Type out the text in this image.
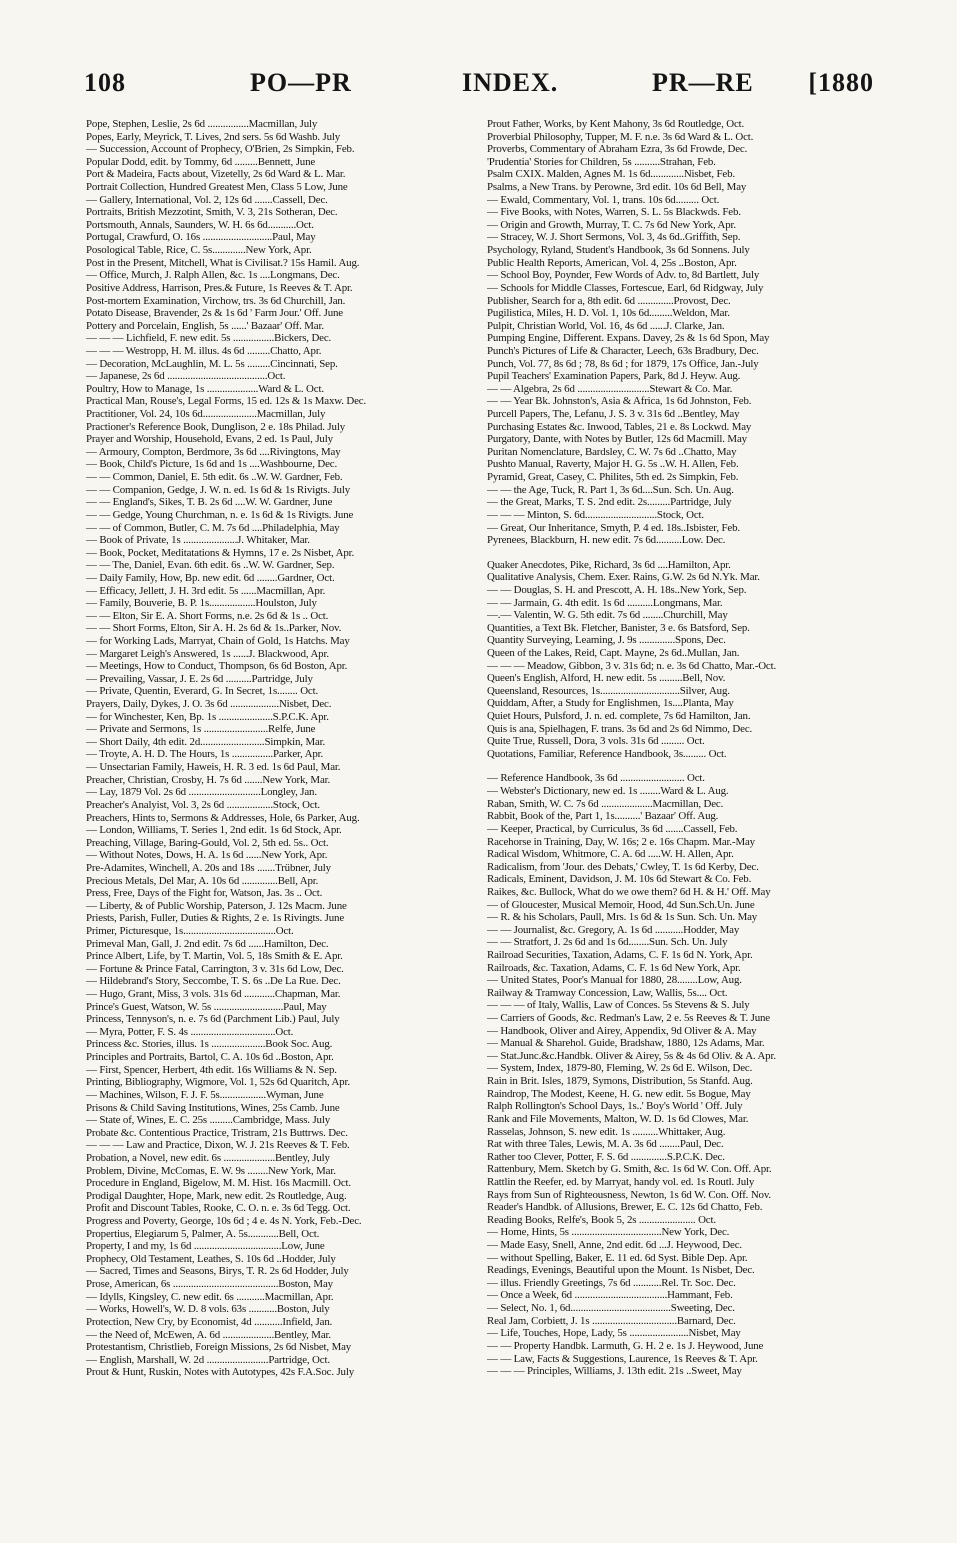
108	PO—PR	INDEX.	PR—RE [1880
Pope, Stephen, Leslie, 2s 6d ................Macmillan, July
Popes, Early, Meyrick, T. Lives, 2nd sers. 5s 6d Washb. July
— Succession, Account of Prophecy, O'Brien, 2s Simpkin, Feb.
Popular Dodd, edit. by Tommy, 6d .........Bennett, June
Port & Madeira, Facts about, Vizetelly, 2s 6d Ward & L. Mar.
Portrait Collection, Hundred Greatest Men, Class 5 Low, June
— Gallery, International, Vol. 2, 12s 6d .......Cassell, Dec.
Portraits, British Mezzotint, Smith, V. 3, 21s Sotheran, Dec.
Portsmouth, Annals, Saunders, W. H. 6s 6d...........Oct.
Portugal, Crawfurd, O. 16s ...........................Paul, May
Posological Table, Rice, C. 5s.............New York, Apr.
Post in the Present, Mitchell, What is Civilisat.? 15s Hamil. Aug.
— Office, Murch, J. Ralph Allen, &c. 1s ....Longmans, Dec.
Positive Address, Harrison, Pres.& Future, 1s Reeves & T. Apr.
Post-mortem Examination, Virchow, trs. 3s 6d Churchill, Jan.
Potato Disease, Bravender, 2s & 1s 6d ' Farm Jour.' Off. June
Pottery and Porcelain, English, 5s ......' Bazaar' Off. Mar.
— — — Lichfield, F. new edit. 5s ................Bickers, Dec.
— — — Westropp, H. M. illus. 4s 6d .........Chatto, Apr.
— Decoration, McLaughlin, M. L. 5s .........Cincinnati, Sep.
— Japanese, 2s 6d .......................................Oct.
Poultry, How to Manage, 1s ....................Ward & L. Oct.
Practical Man, Rouse's, Legal Forms, 15 ed. 12s & 1s Maxw. Dec.
Practitioner, Vol. 24, 10s 6d.....................Macmillan, July
Practioner's Reference Book, Dunglison, 2 e. 18s Philad. July
Prayer and Worship, Household, Evans, 2 ed. 1s Paul, July
— Armoury, Compton, Berdmore, 3s 6d ....Rivingtons, May
— Book, Child's Picture, 1s 6d and 1s ....Washbourne, Dec.
— — Common, Daniel, E. 5th edit. 6s ..W. W. Gardner, Feb.
— — Companion, Gedge, J. W. n. ed. 1s 6d & 1s Rivigts. July
— — England's, Sikes, T. B. 2s 6d ....W. W. Gardner, June
— — Gedge, Young Churchman, n. e. 1s 6d & 1s Rivigts. June
— — of Common, Butler, C. M. 7s 6d ....Philadelphia, May
— Book of Private, 1s .....................J. Whitaker, Mar.
— Book, Pocket, Meditatations & Hymns, 17 e. 2s Nisbet, Apr.
— — The, Daniel, Evan. 6th edit. 6s ..W. W. Gardner, Sep.
— Daily Family, How, Bp. new edit. 6d ........Gardner, Oct.
— Efficacy, Jellett, J. H. 3rd edit. 5s ......Macmillan, Apr.
— Family, Bouverie, B. P. 1s..................Houlston, July
— — Elton, Sir E. A. Short Forms, n.e. 2s 6d & 1s .. Oct.
— — Short Forms, Elton, Sir A. H. 2s 6d & 1s..Parker, Nov.
— for Working Lads, Marryat, Chain of Gold, 1s Hatchs. May
— Margaret Leigh's Answered, 1s ......J. Blackwood, Apr.
— Meetings, How to Conduct, Thompson, 6s 6d Boston, Apr.
— Prevailing, Vassar, J. E. 2s 6d ..........Partridge, July
— Private, Quentin, Everard, G. In Secret, 1s........ Oct.
Prayers, Daily, Dykes, J. O. 3s 6d ...................Nisbet, Dec.
— for Winchester, Ken, Bp. 1s .....................S.P.C.K. Apr.
— Private and Sermons, 1s .........................Relfe, June
— Short Daily, 4th edit. 2d.........................Simpkin, Mar.
— Troyte, A. H. D. The Hours, 1s ................Parker, Apr.
— Unsectarian Family, Haweis, H. R. 3 ed. 1s 6d Paul, Mar.
Preacher, Christian, Crosby, H. 7s 6d .......New York, Mar.
— Lay, 1879 Vol. 2s 6d ............................Longley, Jan.
Preacher's Analyist, Vol. 3, 2s 6d ..................Stock, Oct.
Preachers, Hints to, Sermons & Addresses, Hole, 6s Parker, Aug.
— London, Williams, T. Series 1, 2nd edit. 1s 6d Stock, Apr.
Preaching, Village, Baring-Gould, Vol. 2, 5th ed. 5s.. Oct.
— Without Notes, Dows, H. A. 1s 6d ......New York, Apr.
Pre-Adamites, Winchell, A. 20s and 18s .......Trübner, July
Precious Metals, Del Mar, A. 10s 6d ..............Bell, Apr.
Press, Free, Days of the Fight for, Watson, Jas. 3s .. Oct.
— Liberty, & of Public Worship, Paterson, J. 12s Macm. June
Priests, Parish, Fuller, Duties & Rights, 2 e. 1s Rivingts. June
Primer, Picturesque, 1s....................................Oct.
Primeval Man, Gall, J. 2nd edit. 7s 6d ......Hamilton, Dec.
Prince Albert, Life, by T. Martin, Vol. 5, 18s Smith & E. Apr.
— Fortune & Prince Fatal, Carrington, 3 v. 31s 6d Low, Dec.
— Hildebrand's Story, Seccombe, T. S. 6s ..De La Rue. Dec.
— Hugo, Grant, Miss, 3 vols. 31s 6d ............Chapman, Mar.
Prince's Guest, Watson, W. 5s ...........................Paul, May
Princess, Tennyson's, n. e. 7s 6d (Parchment Lib.) Paul, July
— Myra, Potter, F. S. 4s .................................Oct.
Princess &c. Stories, illus. 1s .....................Book Soc. Aug.
Principles and Portraits, Bartol, C. A. 10s 6d ..Boston, Apr.
— First, Spencer, Herbert, 4th edit. 16s Williams & N. Sep.
Printing, Bibliography, Wigmore, Vol. 1, 52s 6d Quaritch, Apr.
— Machines, Wilson, F. J. F. 5s..................Wyman, June
Prisons & Child Saving Institutions, Wines, 25s Camb. June
— State of, Wines, E. C. 25s .........Cambridge, Mass. July
Probate &c. Contentious Practice, Tristram, 21s Buttrws. Dec.
— — — Law and Practice, Dixon, W. J. 21s Reeves & T. Feb.
Probation, a Novel, new edit. 6s ....................Bentley, July
Problem, Divine, McComas, E. W. 9s ........New York, Mar.
Procedure in England, Bigelow, M. M. Hist. 16s Macmill. Oct.
Prodigal Daughter, Hope, Mark, new edit. 2s Routledge, Aug.
Profit and Discount Tables, Rooke, C. O. n. e. 3s 6d Tegg. Oct.
Progress and Poverty, George, 10s 6d ; 4 e. 4s N. York, Feb.-Dec.
Propertius, Elegiarum 5, Palmer, A. 5s............Bell, Oct.
Property, I and my, 1s 6d ..................................Low, June
Prophecy, Old Testament, Leathes, S. 10s 6d ..Hodder, July
— Sacred, Times and Seasons, Birys, T. R. 2s 6d Hodder, July
Prose, American, 6s .........................................Boston, May
— Idylls, Kingsley, C. new edit. 6s ...........Macmillan, Apr.
— Works, Howell's, W. D. 8 vols. 63s ...........Boston, July
Protection, New Cry, by Economist, 4d ...........Infield, Jan.
— the Need of, McEwen, A. 6d ....................Bentley, Mar.
Protestantism, Christlieb, Foreign Missions, 2s 6d Nisbet, May
— English, Marshall, W. 2d ........................Partridge, Oct.
Prout & Hunt, Ruskin, Notes with Autotypes, 42s F.A.Soc. July
Prout Father, Works, by Kent Mahony, 3s 6d Routledge, Oct.
Proverbial Philosophy, Tupper, M. F. n.e. 3s 6d Ward & L. Oct.
Proverbs, Commentary of Abraham Ezra, 3s 6d Frowde, Dec.
'Prudentia' Stories for Children, 5s ..........Strahan, Feb.
Psalm CXIX. Malden, Agnes M. 1s 6d.............Nisbet, Feb.
Psalms, a New Trans. by Perowne, 3rd edit. 10s 6d Bell, May
— Ewald, Commentary, Vol. 1, trans. 10s 6d......... Oct.
— Five Books, with Notes, Warren, S. L. 5s Blackwds. Feb.
— Origin and Growth, Murray, T. C. 7s 6d New York, Apr.
— Stracey, W. J. Short Sermons, Vol. 3, 4s 6d..Griffith, Sep.
Psychology, Ryland, Student's Handbook, 3s 6d Sonnens. July
Public Health Reports, American, Vol. 4, 25s ..Boston, Apr.
— School Boy, Poynder, Few Words of Adv. to, 8d Bartlett, July
— Schools for Middle Classes, Fortescue, Earl, 6d Ridgway, July
Publisher, Search for a, 8th edit. 6d ..............Provost, Dec.
Pugilistica, Miles, H. D. Vol. 1, 10s 6d.........Weldon, Mar.
Pulpit, Christian World, Vol. 16, 4s 6d ......J. Clarke, Jan.
Pumping Engine, Different. Expans. Davey, 2s & 1s 6d Spon, May
Punch's Pictures of Life & Character, Leech, 63s Bradbury, Dec.
Punch, Vol. 77, 8s 6d ; 78, 8s 6d ; for 1879, 17s Office, Jan.-July
Pupil Teachers' Examination Papers, Park, 8d J. Heyw. Aug.
— — Algebra, 2s 6d ............................Stewart & Co. Mar.
— — Year Bk. Johnston's, Asia & Africa, 1s 6d Johnston, Feb.
Purcell Papers, The, Lefanu, J. S. 3 v. 31s 6d ..Bentley, May
Purchasing Estates &c. Inwood, Tables, 21 e. 8s Lockwd. May
Purgatory, Dante, with Notes by Butler, 12s 6d Macmill. May
Puritan Nomenclature, Bardsley, C. W. 7s 6d ..Chatto, May
Pushto Manual, Raverty, Major H. G. 5s ..W. H. Allen, Feb.
Pyramid, Great, Casey, C. Philites, 5th ed. 2s Simpkin, Feb.
— — the Age, Tuck, R. Part 1, 3s 6d....Sun. Sch. Un. Aug.
— the Great, Marks, T. S. 2nd edit. 2s.........Partridge, July
— — — Minton, S. 6d............................Stock, Oct.
— Great, Our Inheritance, Smyth, P. 4 ed. 18s..Isbister, Feb.
Pyrenees, Blackburn, H. new edit. 7s 6d..........Low. Dec.
Quaker Anecdotes, Pike, Richard, 3s 6d ....Hamilton, Apr.
Qualitative Analysis, Chem. Exer. Rains, G.W. 2s 6d N.Yk. Mar.
— — Douglas, S. H. and Prescott, A. H. 18s..New York, Sep.
— — Jarmain, G. 4th edit. 1s 6d ..........Longmans, Mar.
—.— Valentin, W. G. 5th edit. 7s 6d ........Churchill, May
Quantities, a Text Bk. Fletcher, Banister, 3 e. 6s Batsford, Sep.
Quantity Surveying, Leaming, J. 9s ..............Spons, Dec.
Queen of the Lakes, Reid, Capt. Mayne, 2s 6d..Mullan, Jan.
— — — Meadow, Gibbon, 3 v. 31s 6d; n. e. 3s 6d Chatto, Mar.-Oct.
Queen's English, Alford, H. new edit. 5s .........Bell, Nov.
Queensland, Resources, 1s...............................Silver, Aug.
Quiddam, After, a Study for Englishmen, 1s....Planta, May
Quiet Hours, Pulsford, J. n. ed. complete, 7s 6d Hamilton, Jan.
Quis is ana, Spielhagen, F. trans. 3s 6d and 2s 6d Nimmo, Dec.
Quite True, Russell, Dora, 3 vols. 31s 6d ......... Oct.
Quotations, Familiar, Reference Handbook, 3s......... Oct.
— Reference Handbook, 3s 6d ......................... Oct.
— Webster's Dictionary, new ed. 1s ........Ward & L. Aug.
Raban, Smith, W. C. 7s 6d ....................Macmillan, Dec.
Rabbit, Book of the, Part 1, 1s..........' Bazaar' Off. Aug.
— Keeper, Practical, by Curriculus, 3s 6d .......Cassell, Feb.
Racehorse in Training, Day, W. 16s; 2 e. 16s Chapm. Mar.-May
Radical Wisdom, Whitmore, C. A. 6d .....W. H. Allen, Apr.
Radicalism, from 'Jour. des Debats,' Cwley, T. 1s 6d Kerby, Dec.
Radicals, Eminent, Davidson, J. M. 10s 6d Stewart & Co. Feb.
Raikes, &c. Bullock, What do we owe them? 6d H. & H.' Off. May
— of Gloucester, Musical Memoir, Hood, 4d Sun.Sch.Un. June
— R. & his Scholars, Paull, Mrs. 1s 6d & 1s Sun. Sch. Un. May
— — Journalist, &c. Gregory, A. 1s 6d ...........Hodder, May
— — Stratfort, J. 2s 6d and 1s 6d........Sun. Sch. Un. July
Railroad Securities, Taxation, Adams, C. F. 1s 6d N. York, Apr.
Railroads, &c. Taxation, Adams, C. F. 1s 6d New York, Apr.
— United States, Poor's Manual for 1880, 28........Low, Aug.
Railway & Tramway Concession, Law, Wallis, 5s.... Oct.
— — — of Italy, Wallis, Law of Conces. 5s Stevens & S. July
— Carriers of Goods, &c. Redman's Law, 2 e. 5s Reeves & T. June
— Handbook, Oliver and Airey, Appendix, 9d Oliver & A. May
— Manual & Sharehol. Guide, Bradshaw, 1880, 12s Adams, Mar.
— Stat.Junc.&c.Handbk. Oliver & Airey, 5s & 4s 6d Oliv. & A. Apr.
— System, Index, 1879-80, Fleming, W. 2s 6d E. Wilson, Dec.
Rain in Brit. Isles, 1879, Symons, Distribution, 5s Stanfd. Aug.
Raindrop, The Modest, Keene, H. G. new edit. 5s Bogue, May
Ralph Rollington's School Days, 1s..' Boy's World ' Off. July
Rank and File Movements, Malton, W. D. 1s 6d Clowes, Mar.
Rasselas, Johnson, S. new edit. 1s ..........Whittaker, Aug.
Rat with three Tales, Lewis, M. A. 3s 6d ........Paul, Dec.
Rather too Clever, Potter, F. S. 6d ..............S.P.C.K. Dec.
Rattenbury, Mem. Sketch by G. Smith, &c. 1s 6d W. Con. Off. Apr.
Rattlin the Reefer, ed. by Marryat, handy vol. ed. 1s Routl. July
Rays from Sun of Righteousness, Newton, 1s 6d W. Con. Off. Nov.
Reader's Handbk. of Allusions, Brewer, E. C. 12s 6d Chatto, Feb.
Reading Books, Relfe's, Book 5, 2s ...................... Oct.
— Home, Hints, 5s ...................................New York, Dec.
— Made Easy, Snell, Anne, 2nd edit. 6d ...J. Heywood, Dec.
— without Spelling, Baker, E. 11 ed. 6d Syst. Bible Dep. Apr.
Readings, Evenings, Beautiful upon the Mount. 1s Nisbet, Dec.
— illus. Friendly Greetings, 7s 6d ...........Rel. Tr. Soc. Dec.
— Once a Week, 6d ....................................Hammant, Feb.
— Select, No. 1, 6d.......................................Sweeting, Dec.
Real Jam, Corbiett, J. 1s .................................Barnard, Dec.
— Life, Touches, Hope, Lady, 5s .......................Nisbet, May
— — Property Handbk. Larmuth, G. H. 2 e. 1s J. Heywood, June
— — Law, Facts & Suggestions, Laurence, 1s Reeves & T. Apr.
— — — Principles, Williams, J. 13th edit. 21s ..Sweet, May
